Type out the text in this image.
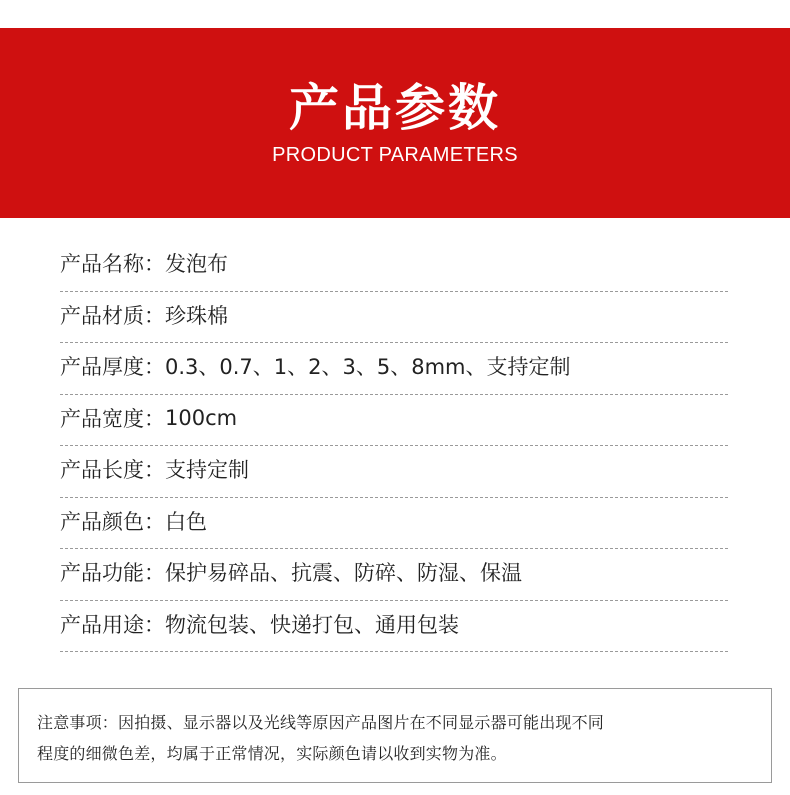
产品参数
PRODUCT PARAMETERS
产品名称： 发泡布
产品材质： 珍珠棉
产品厚度： 0.3、0.7、1、2、3、5、8mm、支持定制
产品宽度： 100cm
产品长度： 支持定制
产品颜色： 白色
产品功能： 保护易碎品、抗震、防碎、防湿、保温
产品用途： 物流包装、快递打包、通用包装
注意事项：因拍摄、显示器以及光线等原因产品图片在不同显示器可能出现不同
程度的细微色差，均属于正常情况，实际颜色请以收到实物为准。
